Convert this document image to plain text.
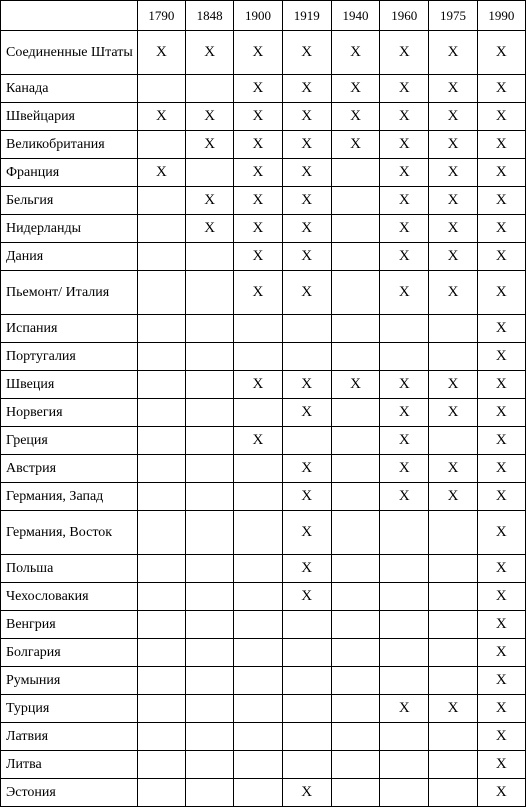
	1790	1848	1900	1919	1940	1960	1975	1990
Соединенные Штаты	X	X	X	X	X	X	X	X
Канада			X	X	X	X	X	X
Швейцария	X	X	X	X	X	X	X	X
Великобритания		X	X	X	X	X	X	X
Франция	X		X	X		X	X	X
Бельгия		X	X	X		X	X	X
Нидерланды		X	X	X		X	X	X
Дания			X	X		X	X	X
Пьемонт/ Италия			X	X		X	X	X
Испания								X
Португалия								X
Швеция			X	X	X	X	X	X
Норвегия				X		X	X	X
Греция			X			X		X
Австрия				X		X	X	X
Германия, Запад				X		X	X	X
Германия, Восток				X				X
Польша				X				X
Чехословакия				X				X
Венгрия								X
Болгария								X
Румыния								X
Турция						X	X	X
Латвия								X
Литва								X
Эстония				X				X
